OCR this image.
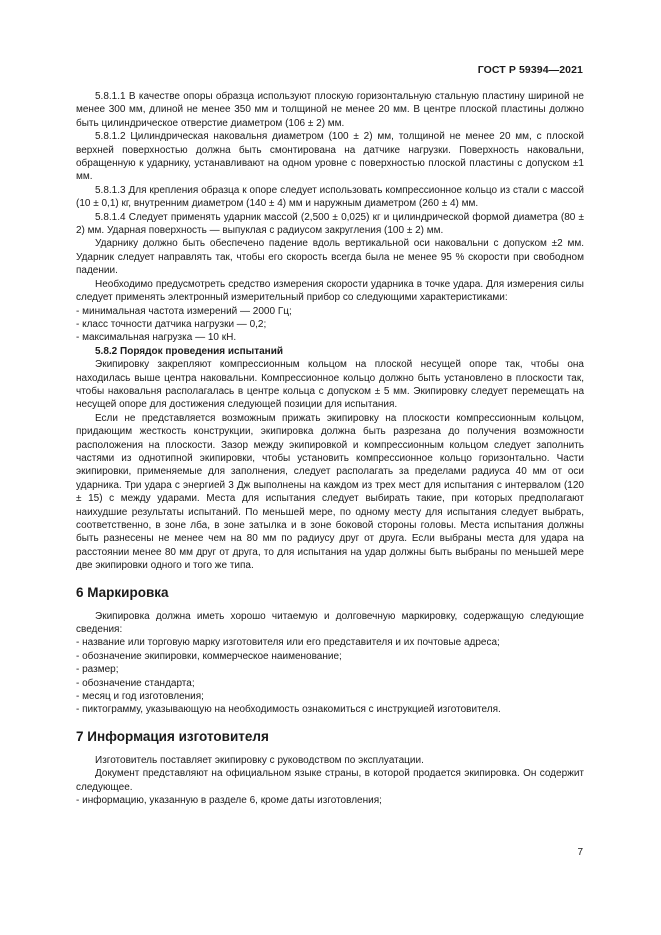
ГОСТ Р 59394—2021

5.8.1.1 В качестве опоры образца используют плоскую горизонтальную стальную пластину шириной не менее 300 мм, длиной не менее 350 мм и толщиной не менее 20 мм. В центре плоской пластины должно быть цилиндрическое отверстие диаметром (106 ± 2) мм.

5.8.1.2 Цилиндрическая наковальня диаметром (100 ± 2) мм, толщиной не менее 20 мм, с плоской верхней поверхностью должна быть смонтирована на датчике нагрузки. Поверхность наковальни, обращенную к ударнику, устанавливают на одном уровне с поверхностью плоской пластины с допуском ±1 мм.

5.8.1.3 Для крепления образца к опоре следует использовать компрессионное кольцо из стали с массой (10 ± 0,1) кг, внутренним диаметром (140 ± 4) мм и наружным диаметром (260 ± 4) мм.

5.8.1.4 Следует применять ударник массой (2,500 ± 0,025) кг и цилиндрической формой диаметра (80 ± 2) мм. Ударная поверхность — выпуклая с радиусом закругления (100 ± 2) мм.

Ударнику должно быть обеспечено падение вдоль вертикальной оси наковальни с допуском ±2 мм. Ударник следует направлять так, чтобы его скорость всегда была не менее 95 % скорости при свободном падении.

Необходимо предусмотреть средство измерения скорости ударника в точке удара. Для измерения силы следует применять электронный измерительный прибор со следующими характеристиками:

- минимальная частота измерений — 2000 Гц;

- класс точности датчика нагрузки — 0,2;

- максимальная нагрузка — 10 кН.

5.8.2 Порядок проведения испытаний

Экипировку закрепляют компрессионным кольцом на плоской несущей опоре так, чтобы она находилась выше центра наковальни. Компрессионное кольцо должно быть установлено в плоскости так, чтобы наковальня располагалась в центре кольца с допуском ± 5 мм. Экипировку следует перемещать на несущей опоре для достижения следующей позиции для испытания.

Если не представляется возможным прижать экипировку на плоскости компрессионным кольцом, придающим жесткость конструкции, экипировка должна быть разрезана до получения возможности расположения на плоскости. Зазор между экипировкой и компрессионным кольцом следует заполнить частями из однотипной экипировки, чтобы установить компрессионное кольцо горизонтально. Части экипировки, применяемые для заполнения, следует располагать за пределами радиуса 40 мм от оси ударника. Три удара с энергией 3 Дж выполнены на каждом из трех мест для испытания с интервалом (120 ± 15) с между ударами. Места для испытания следует выбирать такие, при которых предполагают наихудшие результаты испытаний. По меньшей мере, по одному месту для испытания следует выбрать, соответственно, в зоне лба, в зоне затылка и в зоне боковой стороны головы. Места испытания должны быть разнесены не менее чем на 80 мм по радиусу друг от друга. Если выбраны места для удара на расстоянии менее 80 мм друг от друга, то для испытания на удар должны быть выбраны по меньшей мере две экипировки одного и того же типа.

6 Маркировка

Экипировка должна иметь хорошо читаемую и долговечную маркировку, содержащую следующие сведения:

- название или торговую марку изготовителя или его представителя и их почтовые адреса;

- обозначение экипировки, коммерческое наименование;

- размер;

- обозначение стандарта;

- месяц и год изготовления;

- пиктограмму, указывающую на необходимость ознакомиться с инструкцией изготовителя.

7 Информация изготовителя

Изготовитель поставляет экипировку с руководством по эксплуатации.

Документ представляют на официальном языке страны, в которой продается экипировка. Он содержит следующее.

- информацию, указанную в разделе 6, кроме даты изготовления;

7
